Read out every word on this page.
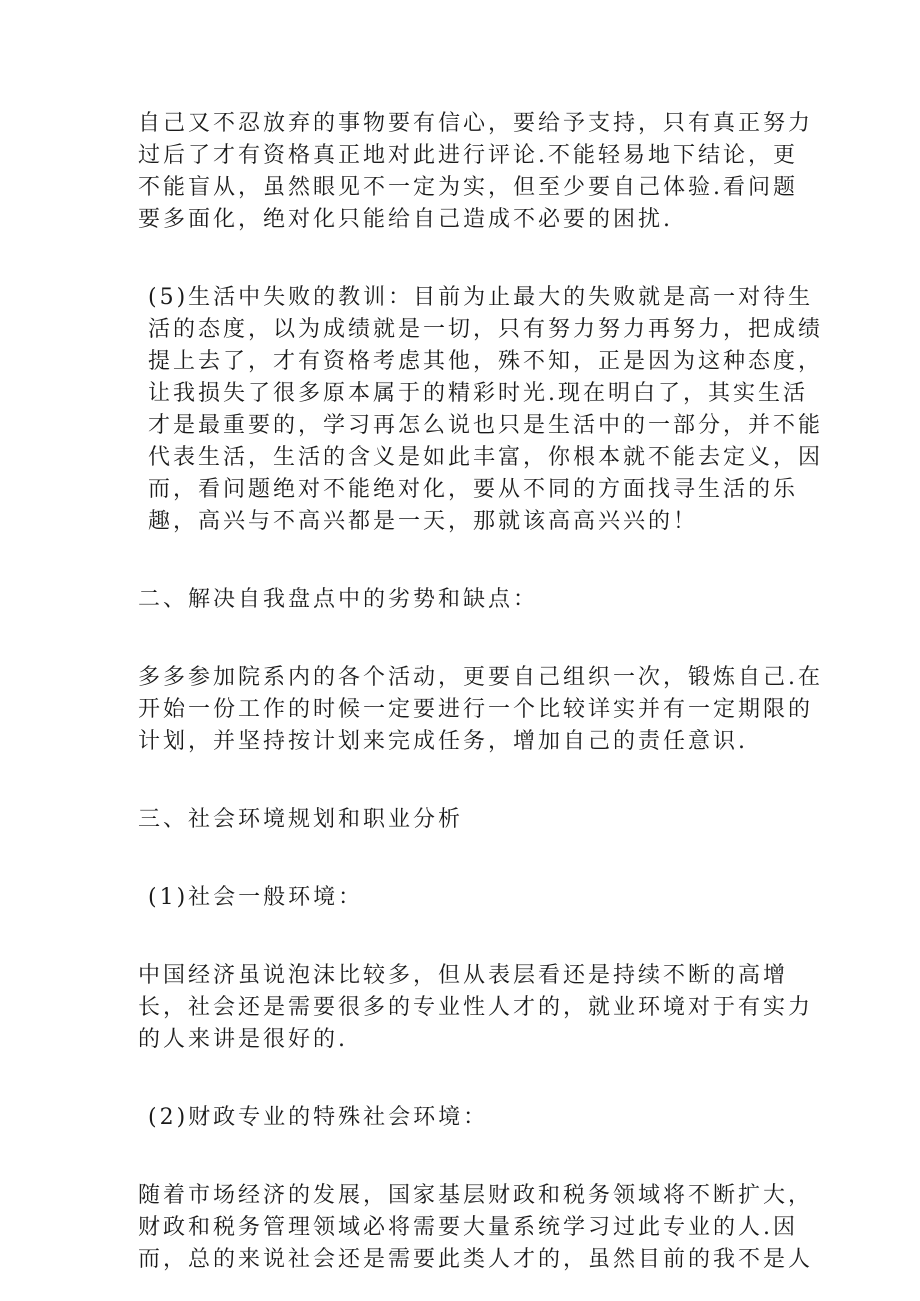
自己又不忍放弃的事物要有信心，要给予支持，只有真正努力
过后了才有资格真正地对此进行评论.不能轻易地下结论，更
不能盲从，虽然眼见不一定为实，但至少要自己体验.看问题
要多面化，绝对化只能给自己造成不必要的困扰.
(5)生活中失败的教训：目前为止最大的失败就是高一对待生
活的态度，以为成绩就是一切，只有努力努力再努力，把成绩
提上去了，才有资格考虑其他，殊不知，正是因为这种态度，
让我损失了很多原本属于的精彩时光.现在明白了，其实生活
才是最重要的，学习再怎么说也只是生活中的一部分，并不能
代表生活，生活的含义是如此丰富，你根本就不能去定义，因
而，看问题绝对不能绝对化，要从不同的方面找寻生活的乐
趣，高兴与不高兴都是一天，那就该高高兴兴的！
二、解决自我盘点中的劣势和缺点：
多多参加院系内的各个活动，更要自己组织一次，锻炼自己.在
开始一份工作的时候一定要进行一个比较详实并有一定期限的
计划，并坚持按计划来完成任务，增加自己的责任意识.
三、社会环境规划和职业分析
(1)社会一般环境：
中国经济虽说泡沫比较多，但从表层看还是持续不断的高增
长，社会还是需要很多的专业性人才的，就业环境对于有实力
的人来讲是很好的.
(2)财政专业的特殊社会环境：
随着市场经济的发展，国家基层财政和税务领域将不断扩大，
财政和税务管理领域必将需要大量系统学习过此专业的人.因
而，总的来说社会还是需要此类人才的，虽然目前的我不是人
